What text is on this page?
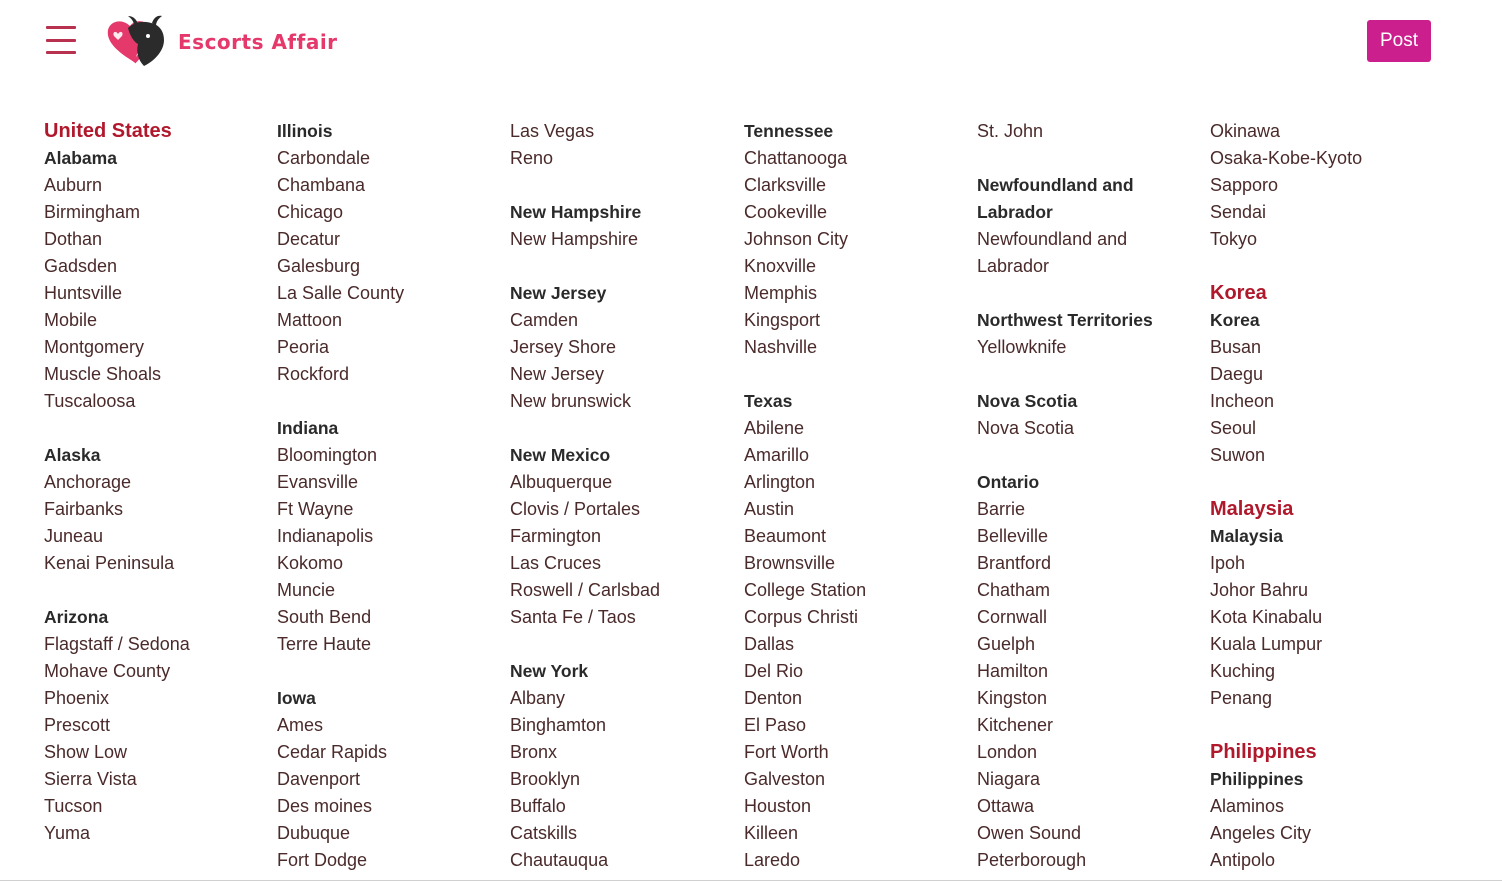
Escorts Affair	Post
United States
Alabama
Auburn
Birmingham
Dothan
Gadsden
Huntsville
Mobile
Montgomery
Muscle Shoals
Tuscaloosa
Alaska
Anchorage
Fairbanks
Juneau
Kenai Peninsula
Arizona
Flagstaff / Sedona
Mohave County
Phoenix
Prescott
Show Low
Sierra Vista
Tucson
Yuma
Illinois
Carbondale
Chambana
Chicago
Decatur
Galesburg
La Salle County
Mattoon
Peoria
Rockford
Indiana
Bloomington
Evansville
Ft Wayne
Indianapolis
Kokomo
Muncie
South Bend
Terre Haute
Iowa
Ames
Cedar Rapids
Davenport
Des moines
Dubuque
Fort Dodge
Las Vegas
Reno
New Hampshire
New Hampshire
New Jersey
Camden
Jersey Shore
New Jersey
New brunswick
New Mexico
Albuquerque
Clovis / Portales
Farmington
Las Cruces
Roswell / Carlsbad
Santa Fe / Taos
New York
Albany
Binghamton
Bronx
Brooklyn
Buffalo
Catskills
Chautauqua
Tennessee
Chattanooga
Clarksville
Cookeville
Johnson City
Knoxville
Memphis
Kingsport
Nashville
Texas
Abilene
Amarillo
Arlington
Austin
Beaumont
Brownsville
College Station
Corpus Christi
Dallas
Del Rio
Denton
El Paso
Fort Worth
Galveston
Houston
Killeen
Laredo
St. John
Newfoundland and Labrador
Newfoundland and Labrador
Northwest Territories
Yellowknife
Nova Scotia
Nova Scotia
Ontario
Barrie
Belleville
Brantford
Chatham
Cornwall
Guelph
Hamilton
Kingston
Kitchener
London
Niagara
Ottawa
Owen Sound
Peterborough
Okinawa
Osaka-Kobe-Kyoto
Sapporo
Sendai
Tokyo
Korea
Korea
Busan
Daegu
Incheon
Seoul
Suwon
Malaysia
Malaysia
Ipoh
Johor Bahru
Kota Kinabalu
Kuala Lumpur
Kuching
Penang
Philippines
Philippines
Alaminos
Angeles City
Antipolo
